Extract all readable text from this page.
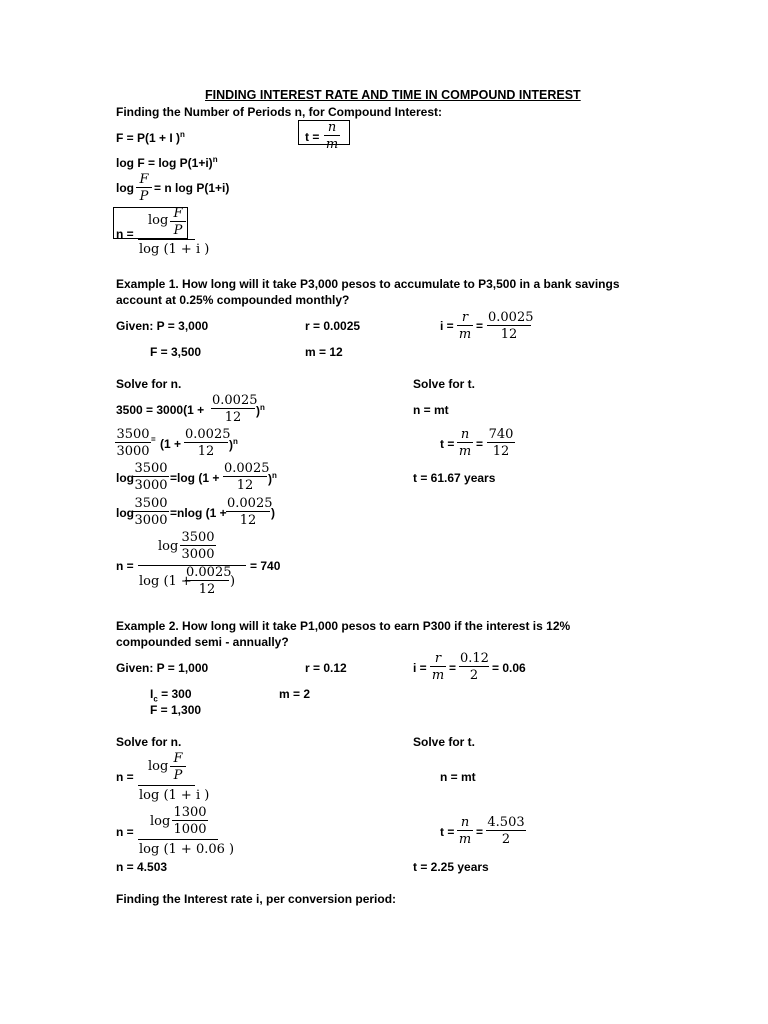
FINDING INTEREST RATE AND TIME IN COMPOUND INTEREST
Finding the Number of Periods n, for Compound Interest:
F = P(1 + I )$^n$	$t = \frac{n}{m}$
$\log F = \log P(1+i)^n$
$\log \frac{F}{P} = n$ log P(1+i)
n =
$\log \frac{F}{P}$
log (1 + i )
Example 1. How long will it take P3,000 pesos to accumulate to P3,500 in a bank savings
account at 0.25% compounded monthly?
Given: P = 3,000	r = 0.0025	$i = \frac{r}{m} = \frac{0.0025}{12}$
F = 3,500	m = 12
Solve for n.	Solve for t.
$3500 = 3000(1 + \frac{0.0025}{12} )^n$
$\frac{3500}{3000} = (1 + \frac{0.0025}{12} )^n$
$\log \frac{3500}{3000} =\log$ $(1 + \frac{0.0025}{12} )^n$
$\log \frac{3500}{3000} =nlog$ ($1 + \frac{0.0025}{12}$ )
n =
$\log \frac{3500}{3000}$
log (1 +
$\frac{0.0025}{12}$ )
= 740
n = mt
$t = \frac{n}{m} = \frac{740}{12}$
t = 61.67 years
Example 2. How long will it take P1,000 pesos to earn P300 if the interest is 12%
compounded semi - annually?
Given: P = 1,000	r = 0.12	$i = \frac{r}{m} = \frac{0.12}{2} = 0.06$
$I_c = 300$	m = 2
F = 1,300
Solve for n.	Solve for t.
n =
$\log \frac{F}{P}$
log (1 + i )
n =
$\log \frac{1300}{1000}$
log (1 + 0.06 )
n = 4.503
n = mt
$t = \frac{n}{m} = \frac{4.503}{2}$
t = 2.25 years
Finding the Interest rate i, per conversion period:
